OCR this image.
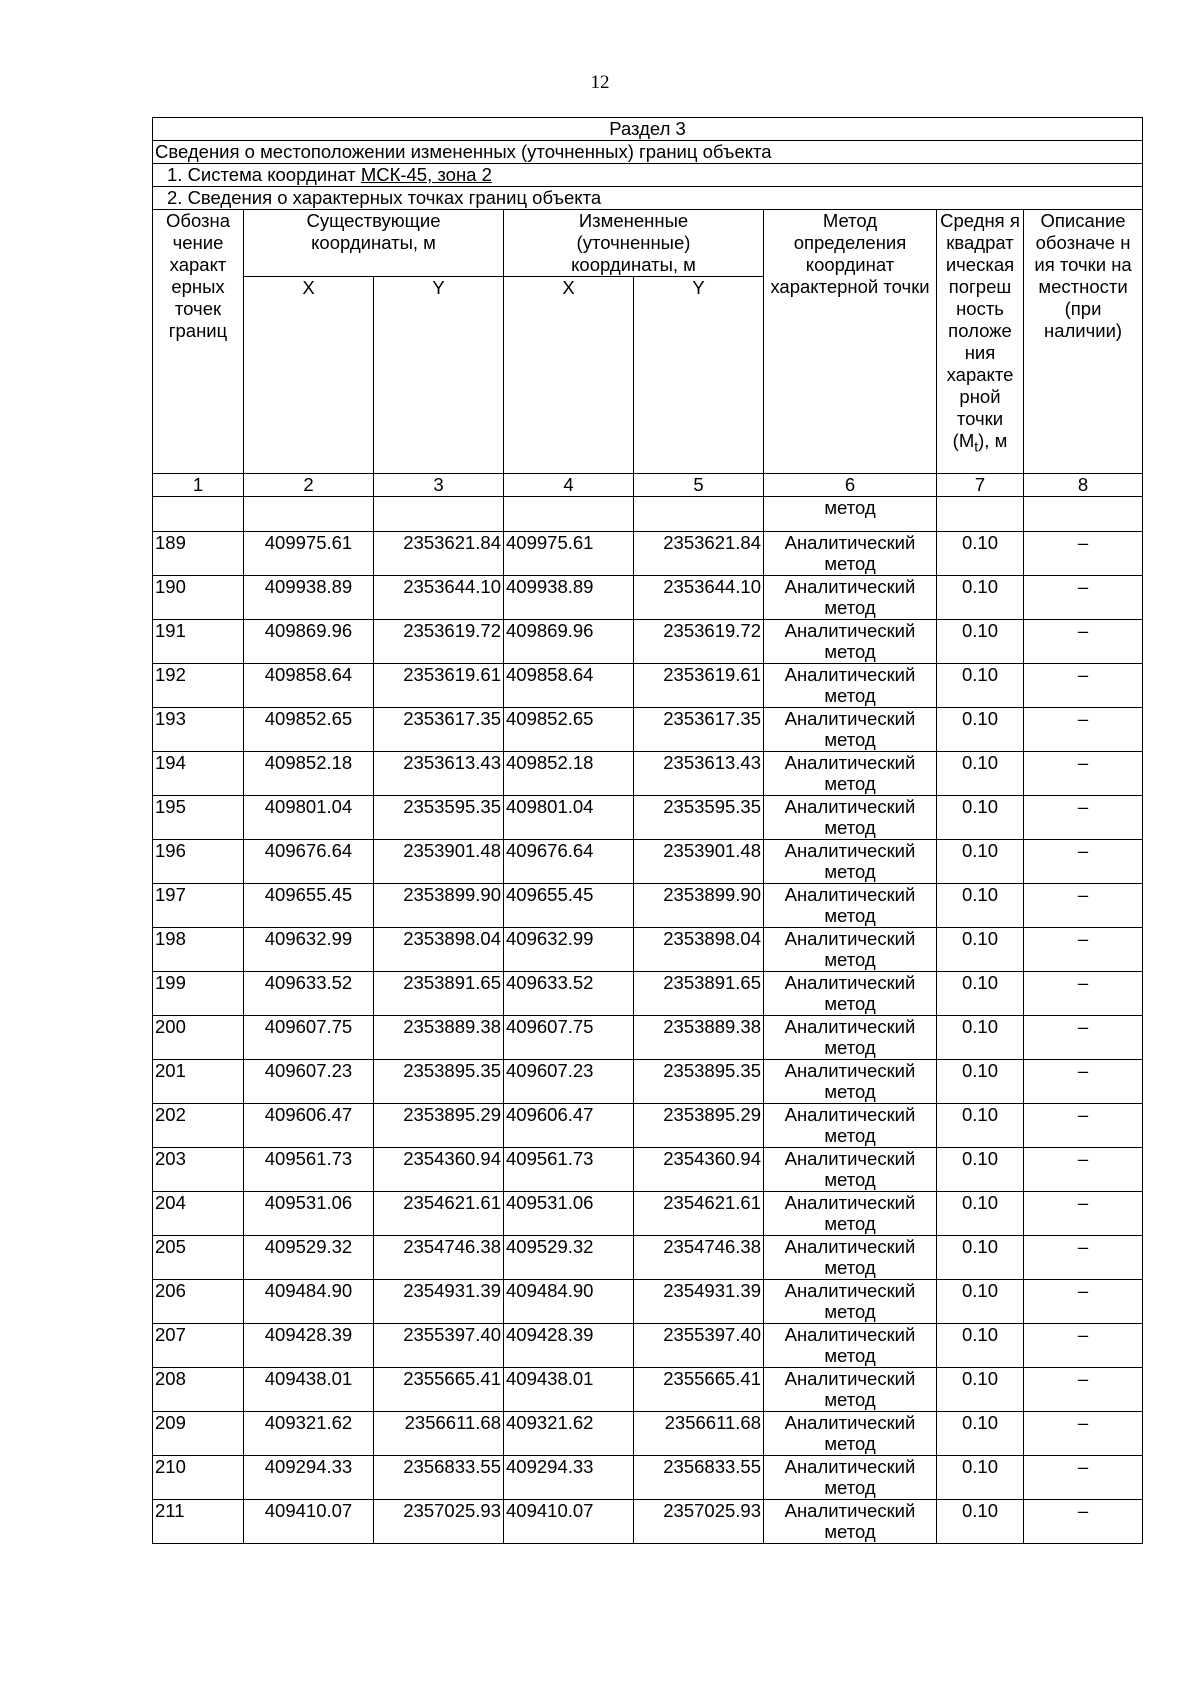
12
Раздел 3							
Сведения о местоположении измененных (уточненных) границ объекта							
1. Система координат МСК-45, зона 2							
2. Сведения о характерных точках границ объекта							
Обозна чение характ ерных точек границ	Существующие координаты, м		Измененные (уточненные) координаты, м		Метод определения координат характерной точки	Средня я квадрат ическая погреш ность положе ния характе рной точки $(M_t)$, м	Описание обозначе н ия точки на местности (при наличии)
	X	Y	X	Y			
1	2	3	4	5	6	7	8
					метод		
189	409975.61	2353621.84	409975.61	2353621.84	Аналитический метод	0.10	–
190	409938.89	2353644.10	409938.89	2353644.10	Аналитический метод	0.10	–
191	409869.96	2353619.72	409869.96	2353619.72	Аналитический метод	0.10	–
192	409858.64	2353619.61	409858.64	2353619.61	Аналитический метод	0.10	–
193	409852.65	2353617.35	409852.65	2353617.35	Аналитический метод	0.10	–
194	409852.18	2353613.43	409852.18	2353613.43	Аналитический метод	0.10	–
195	409801.04	2353595.35	409801.04	2353595.35	Аналитический метод	0.10	–
196	409676.64	2353901.48	409676.64	2353901.48	Аналитический метод	0.10	–
197	409655.45	2353899.90	409655.45	2353899.90	Аналитический метод	0.10	–
198	409632.99	2353898.04	409632.99	2353898.04	Аналитический метод	0.10	–
199	409633.52	2353891.65	409633.52	2353891.65	Аналитический метод	0.10	–
200	409607.75	2353889.38	409607.75	2353889.38	Аналитический метод	0.10	–
201	409607.23	2353895.35	409607.23	2353895.35	Аналитический метод	0.10	–
202	409606.47	2353895.29	409606.47	2353895.29	Аналитический метод	0.10	–
203	409561.73	2354360.94	409561.73	2354360.94	Аналитический метод	0.10	–
204	409531.06	2354621.61	409531.06	2354621.61	Аналитический метод	0.10	–
205	409529.32	2354746.38	409529.32	2354746.38	Аналитический метод	0.10	–
206	409484.90	2354931.39	409484.90	2354931.39	Аналитический метод	0.10	–
207	409428.39	2355397.40	409428.39	2355397.40	Аналитический метод	0.10	–
208	409438.01	2355665.41	409438.01	2355665.41	Аналитический метод	0.10	–
209	409321.62	2356611.68	409321.62	2356611.68	Аналитический метод	0.10	–
210	409294.33	2356833.55	409294.33	2356833.55	Аналитический метод	0.10	–
211	409410.07	2357025.93	409410.07	2357025.93	Аналитический метод	0.10	–
